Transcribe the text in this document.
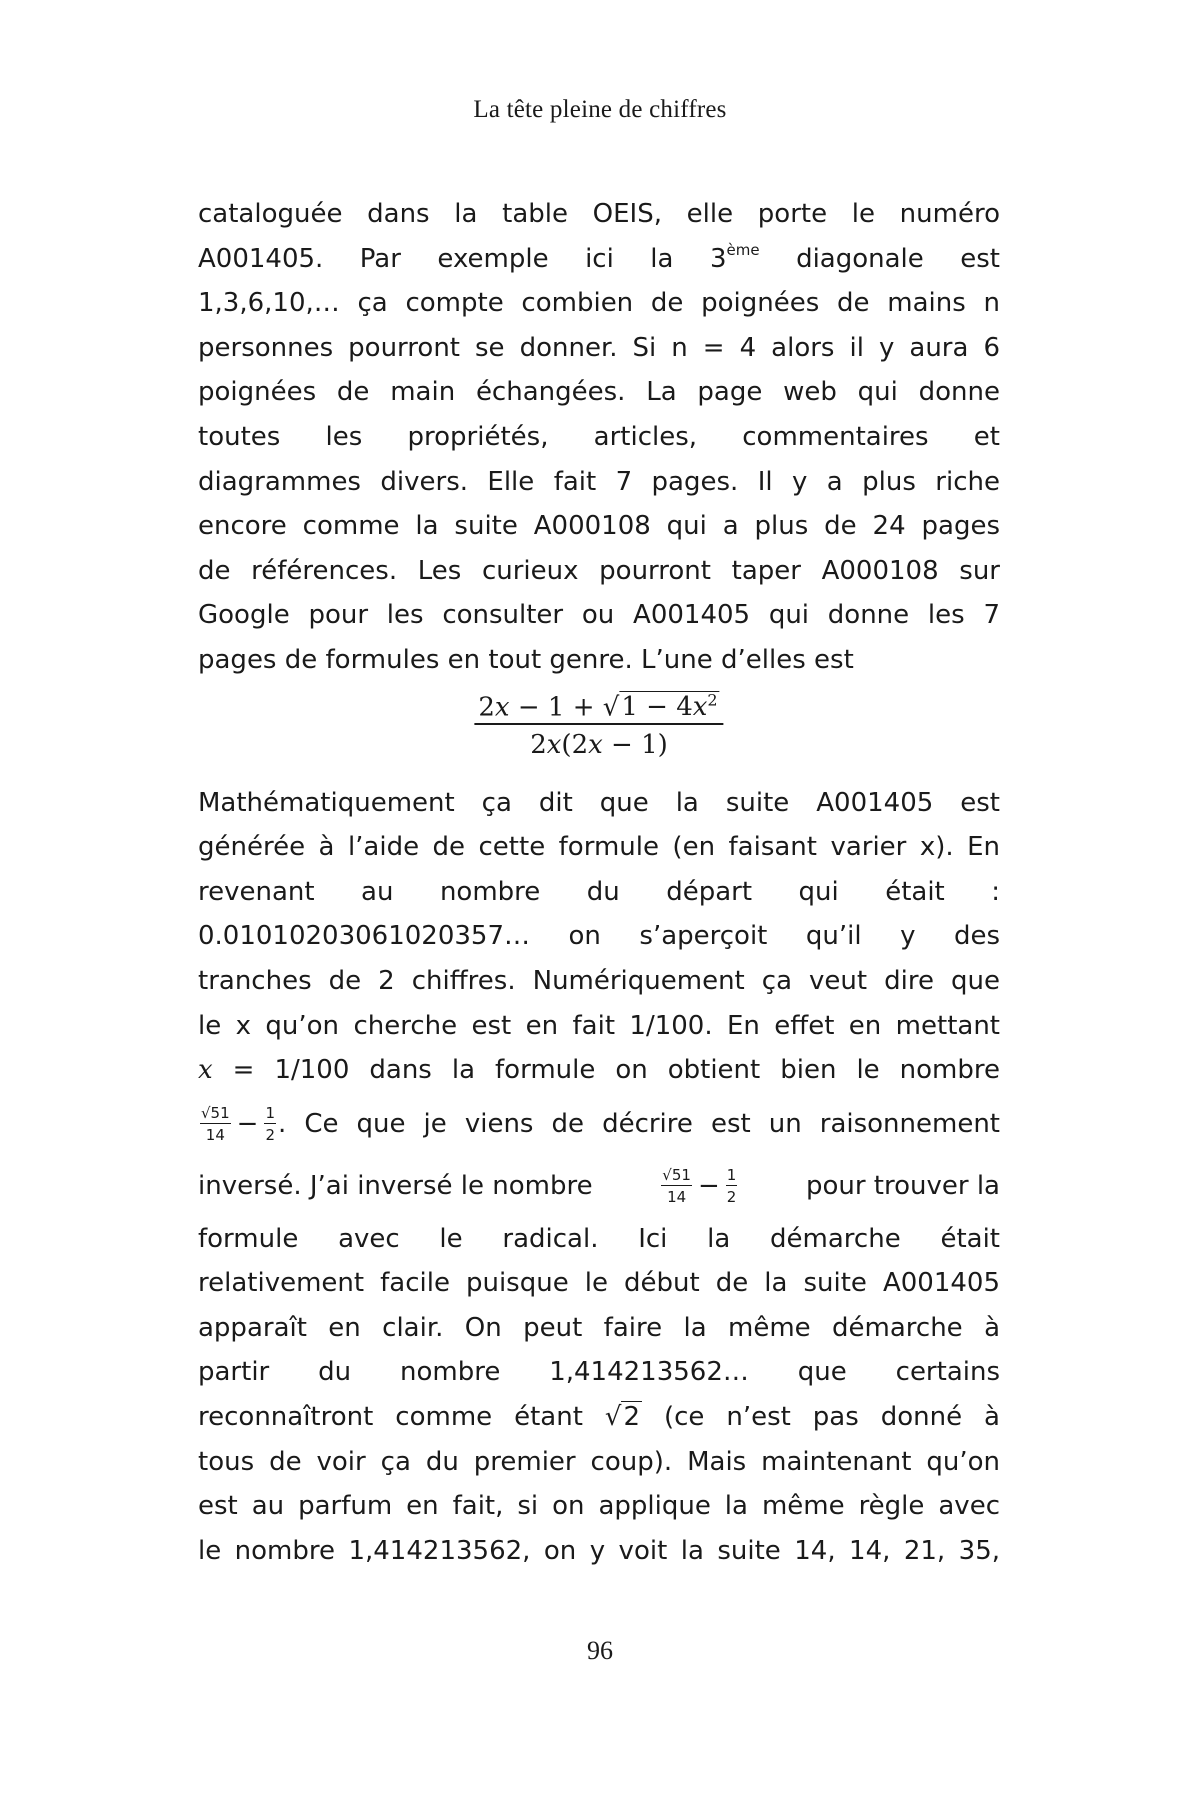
La tête pleine de chiffres
cataloguée dans la table OEIS, elle porte le numéro
A001405. Par exemple ici la 3ème diagonale est
1,3,6,10,… ça compte combien de poignées de mains n
personnes pourront se donner. Si n = 4 alors il y aura 6
poignées de main échangées. La page web qui donne
toutes les propriétés, articles, commentaires et
diagrammes divers. Elle fait 7 pages. Il y a plus riche
encore comme la suite A000108 qui a plus de 24 pages
de références. Les curieux pourront taper A000108 sur
Google pour les consulter ou A001405 qui donne les 7
pages de formules en tout genre. L’une d’elles est
$2x - 1 + √1 - 4x^2$
2x(2x − 1)
Mathématiquement ça dit que la suite A001405 est
générée à l’aide de cette formule (en faisant varier x). En
revenant au nombre du départ qui était :
0.01010203061020357… on s’aperçoit qu’il y des
tranches de 2 chiffres. Numériquement ça veut dire que
le x qu’on cherche est en fait 1/100. En effet en mettant
x = 1/100 dans la formule on obtient bien le nombre
√51
14 − 1
2 . Ce que je viens de décrire est un raisonnement
inversé. J’ai inversé le nombre	√51
14 − 1
2	pour trouver la
formule avec le radical. Ici la démarche était
relativement facile puisque le début de la suite A001405
apparaît en clair. On peut faire la même démarche à
partir du nombre 1,414213562… que certains
reconnaîtront comme étant √2 (ce n’est pas donné à
tous de voir ça du premier coup). Mais maintenant qu’on
est au parfum en fait, si on applique la même règle avec
le nombre 1,414213562, on y voit la suite 14, 14, 21, 35,
96
